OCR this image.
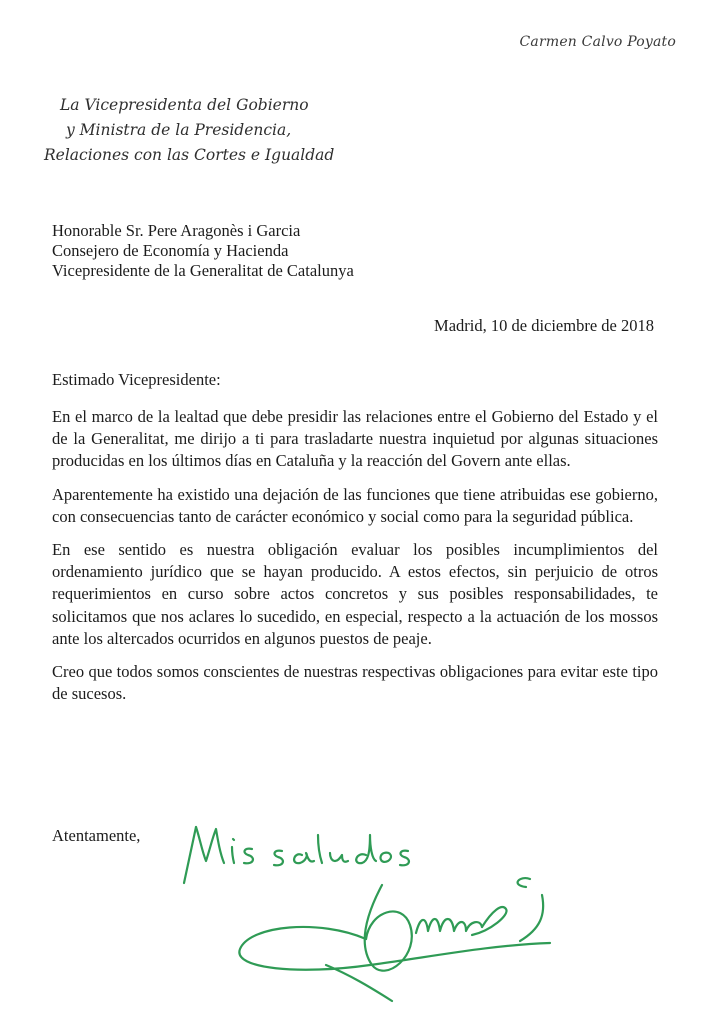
Carmen Calvo Poyato
La Vicepresidenta del Gobierno
y Ministra de la Presidencia,
Relaciones con las Cortes e Igualdad
Honorable Sr. Pere Aragonès i Garcia
Consejero de Economía y Hacienda
Vicepresidente de la Generalitat de Catalunya
Madrid, 10 de diciembre de 2018
Estimado Vicepresidente:

En el marco de la lealtad que debe presidir las relaciones entre el Gobierno del Estado y el de la Generalitat, me dirijo a ti para trasladarte nuestra inquietud por algunas situaciones producidas en los últimos días en Cataluña y la reacción del Govern ante ellas.

Aparentemente ha existido una dejación de las funciones que tiene atribuidas ese gobierno, con consecuencias tanto de carácter económico y social como para la seguridad pública.

En ese sentido es nuestra obligación evaluar los posibles incumplimientos del ordenamiento jurídico que se hayan producido. A estos efectos, sin perjuicio de otros requerimientos en curso sobre actos concretos y sus posibles responsabilidades, te solicitamos que nos aclares lo sucedido, en especial, respecto a la actuación de los mossos ante los altercados ocurridos en algunos puestos de peaje.

Creo que todos somos conscientes de nuestras respectivas obligaciones para evitar este tipo de sucesos.

Atentamente,
